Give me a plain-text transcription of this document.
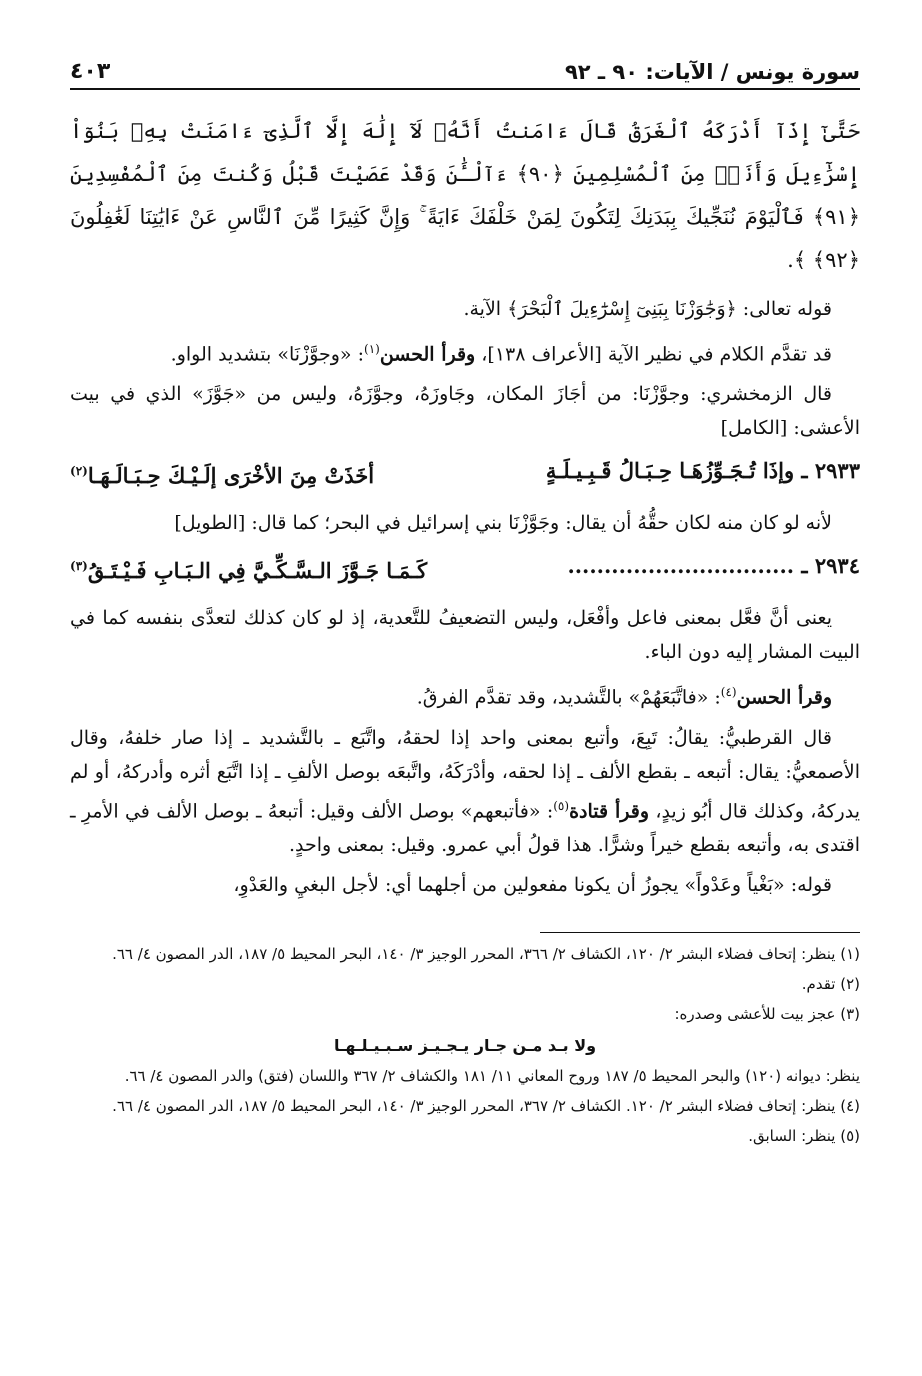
سورة يونس / الآيات: ٩٠ ـ ٩٢
٤٠٣

حَتَّىٰٓ إِذَآ أَدْرَكَهُ ٱلْغَرَقُ قَالَ ءَامَنتُ أَنَّهُۥ لَآ إِلَٰهَ إِلَّا ٱلَّذِىٓ ءَامَنَتْ بِهِۦ بَنُوٓاْ إِسْرَٰٓءِيلَ وَأَنَا۠ مِنَ ٱلْمُسْلِمِينَ ﴿٩٠﴾ ءَآلْـَٰٔنَ وَقَدْ عَصَيْتَ قَبْلُ وَكُنتَ مِنَ ٱلْمُفْسِدِينَ ﴿٩١﴾ فَٱلْيَوْمَ نُنَجِّيكَ بِبَدَنِكَ لِتَكُونَ لِمَنْ خَلْفَكَ ءَايَةً ۚ وَإِنَّ كَثِيرًا مِّنَ ٱلنَّاسِ عَنْ ءَايَٰتِنَا لَغَٰفِلُونَ ﴿٩٢﴾ ﴾.

قوله تعالى: ﴿وَجَٰوَزْنَا بِبَنِىٓ إِسْرَٰٓءِيلَ ٱلْبَحْرَ﴾ الآية.

قد تقدَّم الكلام في نظير الآية [الأعراف ١٣٨]، وقرأ الحسن$^{(١)}$: «وجوَّزْنَا» بتشديد الواو.

قال الزمخشري: وجوَّزْنَا: من أجَازَ المكان، وجَاوزَهُ، وجوَّزَهُ، وليس من «جَوَّزَ» الذي في بيت الأعشى: [الكامل]

٢٩٣٣ ـ وإذَا تُـجَـوِّزُهَـا حِـبَـالُ قَـبِـيـلَـةٍ
أخَذَتْ مِنَ الأخْرَى إلَـيْـكَ حِـبَـالَـهَـا$^{(٢)}$

لأنه لو كان منه لكان حقُّهُ أن يقال: وجَوَّزْنَا بني إسرائيل في البحر؛ كما قال: [الطويل]

٢٩٣٤ ـ ...............................
كَـمَـا جَـوَّزَ الـسَّـكِّـيَّ فِي الـبَـابِ فَـيْـتَـقُ$^{(٣)}$

يعنى أنَّ فعَّل بمعنى فاعل وأفْعَل، وليس التضعيفُ للتَّعدية، إذ لو كان كذلك لتعدَّى بنفسه كما في البيت المشار إليه دون الباء.

وقرأ الحسن$^{(٤)}$: «فاتَّبَعَهُمْ» بالتَّشديد، وقد تقدَّم الفرقُ.

قال القرطبيُّ: يقالُ: تَبِعَ، وأتبع بمعنى واحد إذا لحقهُ، واتَّبَع ـ بالتَّشديد ـ إذا صار خلفهُ، وقال الأصمعيُّ: يقال: أتبعه ـ بقطع الألف ـ إذا لحقه، وأدْرَكَهُ، واتَّبعَه بوصل الألفِ ـ إذا اتَّبَع أثره وأدركهُ، أو لم يدركهُ، وكذلك قال أبُو زيدٍ، وقرأ قتادة$^{(٥)}$: «فأتبعهم» بوصل الألف وقيل: أتبعهُ ـ بوصل الألف في الأمرِ ـ اقتدى به، وأتبعه بقطع خيراً وشرًّا. هذا قولُ أبي عمرو. وقيل: بمعنى واحدٍ.

قوله: «بَغْياً وعَدْواً» يجوزُ أن يكونا مفعولين من أجلهما أي: لأجل البغيِ والعَدْوِ،

(١) ينظر: إتحاف فضلاء البشر ٢/ ١٢٠، الكشاف ٢/ ٣٦٦، المحرر الوجيز ٣/ ١٤٠، البحر المحيط ٥/ ١٨٧، الدر المصون ٤/ ٦٦.

(٢) تقدم.

(٣) عجز بيت للأعشى وصدره:

ولا بـد مـن جـار يـجـيـز سـبـيـلـهـا

ينظر: ديوانه (١٢٠) والبحر المحيط ٥/ ١٨٧ وروح المعاني ١١/ ١٨١ والكشاف ٢/ ٣٦٧ واللسان (فتق) والدر المصون ٤/ ٦٦.

(٤) ينظر: إتحاف فضلاء البشر ٢/ ١٢٠. الكشاف ٢/ ٣٦٧، المحرر الوجيز ٣/ ١٤٠، البحر المحيط ٥/ ١٨٧، الدر المصون ٤/ ٦٦.

(٥) ينظر: السابق.
